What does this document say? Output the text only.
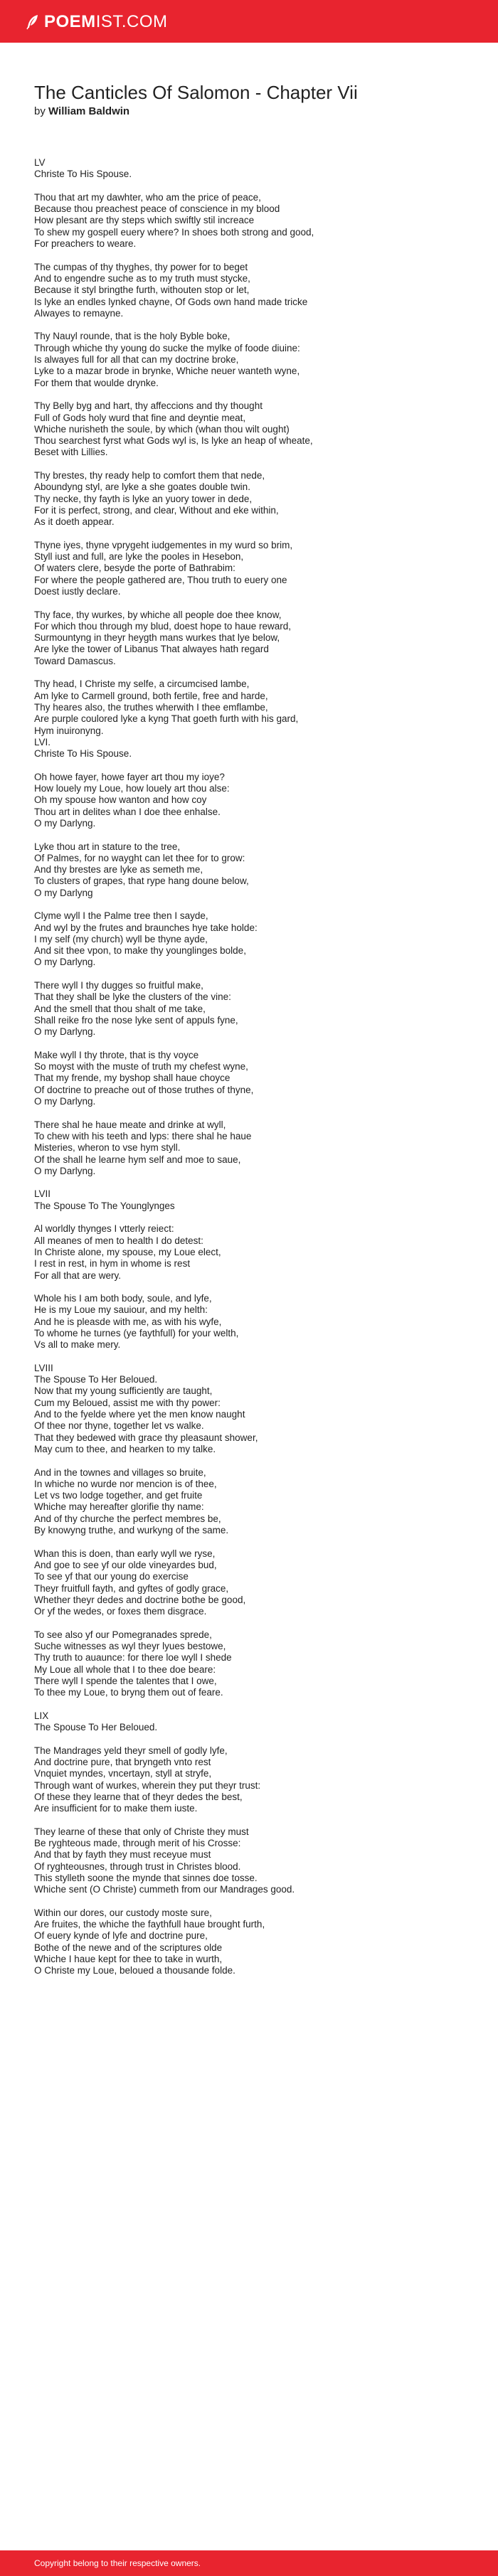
POEMIST.COM
The Canticles Of Salomon - Chapter Vii
by William Baldwin
LV
Christe To His Spouse.
Thou that art my dawhter, who am the price of peace,
Because thou preachest peace of conscience in my blood
How plesant are thy steps which swiftly stil increace
To shew my gospell euery where? In shoes both strong and good,
For preachers to weare.
The cumpas of thy thyghes, thy power for to beget
And to engendre suche as to my truth must stycke,
Because it styl bringthe furth, withouten stop or let,
Is lyke an endles lynked chayne, Of Gods own hand made tricke
Alwayes to remayne.
Thy Nauyl rounde, that is the holy Byble boke,
Through whiche thy young do sucke the mylke of foode diuine:
Is alwayes full for all that can my doctrine broke,
Lyke to a mazar brode in brynke, Whiche neuer wanteth wyne,
For them that woulde drynke.
Thy Belly byg and hart, thy affeccions and thy thought
Full of Gods holy wurd that fine and deyntie meat,
Whiche nurisheth the soule, by which (whan thou wilt ought)
Thou searchest fyrst what Gods wyl is, Is lyke an heap of wheate,
Beset with Lillies.
Thy brestes, thy ready help to comfort them that nede,
Aboundyng styl, are lyke a she goates double twin.
Thy necke, thy fayth is lyke an yuory tower in dede,
For it is perfect, strong, and clear, Without and eke within,
As it doeth appear.
Thyne iyes, thyne vprygeht iudgementes in my wurd so brim,
Styll iust and full, are lyke the pooles in Hesebon,
Of waters clere, besyde the porte of Bathrabim:
For where the people gathered are, Thou truth to euery one
Doest iustly declare.
Thy face, thy wurkes, by whiche all people doe thee know,
For which thou through my blud, doest hope to haue reward,
Surmountyng in theyr heygth mans wurkes that lye below,
Are lyke the tower of Libanus That alwayes hath regard
Toward Damascus.
Thy head, I Christe my selfe, a circumcised lambe,
Am lyke to Carmell ground, both fertile, free and harde,
Thy heares also, the truthes wherwith I thee emflambe,
Are purple coulored lyke a kyng That goeth furth with his gard,
Hym inuironyng.
LVI.
Christe To His Spouse.
Oh howe fayer, howe fayer art thou my ioye?
How louely my Loue, how louely art thou alse:
Oh my spouse how wanton and how coy
Thou art in delites whan I doe thee enhalse.
O my Darlyng.
Lyke thou art in stature to the tree,
Of Palmes, for no wayght can let thee for to grow:
And thy brestes are lyke as semeth me,
To clusters of grapes, that rype hang doune below,
O my Darlyng
Clyme wyll I the Palme tree then I sayde,
And wyl by the frutes and braunches hye take holde:
I my self (my church) wyll be thyne ayde,
And sit thee vpon, to make thy younglinges bolde,
O my Darlyng.
There wyll I thy dugges so fruitful make,
That they shall be lyke the clusters of the vine:
And the smell that thou shalt of me take,
Shall reike fro the nose lyke sent of appuls fyne,
O my Darlyng.
Make wyll I thy throte, that is thy voyce
So moyst with the muste of truth my chefest wyne,
That my frende, my byshop shall haue choyce
Of doctrine to preache out of those truthes of thyne,
O my Darlyng.
There shal he haue meate and drinke at wyll,
To chew with his teeth and lyps: there shal he haue
Misteries, wheron to vse hym styll.
Of the shall he learne hym self and moe to saue,
O my Darlyng.
LVII
The Spouse To The Younglynges
Al worldly thynges I vtterly reiect:
All meanes of men to health I do detest:
In Christe alone, my spouse, my Loue elect,
I rest in rest, in hym in whome is rest
For all that are wery.
Whole his I am both body, soule, and lyfe,
He is my Loue my sauiour, and my helth:
And he is pleasde with me, as with his wyfe,
To whome he turnes (ye faythfull) for your welth,
Vs all to make mery.
LVIII
The Spouse To Her Beloued.
Now that my young sufficiently are taught,
Cum my Beloued, assist me with thy power:
And to the fyelde where yet the men know naught
Of thee nor thyne, together let vs walke.
That they bedewed with grace thy pleasaunt shower,
May cum to thee, and hearken to my talke.
And in the townes and villages so bruite,
In whiche no wurde nor mencion is of thee,
Let vs two lodge together, and get fruite
Whiche may hereafter glorifie thy name:
And of thy churche the perfect membres be,
By knowyng truthe, and wurkyng of the same.
Whan this is doen, than early wyll we ryse,
And goe to see yf our olde vineyardes bud,
To see yf that our young do exercise
Theyr fruitfull fayth, and gyftes of godly grace,
Whether theyr dedes and doctrine bothe be good,
Or yf the wedes, or foxes them disgrace.
To see also yf our Pomegranades sprede,
Suche witnesses as wyl theyr lyues bestowe,
Thy truth to auaunce: for there loe wyll I shede
My Loue all whole that I to thee doe beare:
There wyll I spende the talentes that I owe,
To thee my Loue, to bryng them out of feare.
LIX
The Spouse To Her Beloued.
The Mandrages yeld theyr smell of godly lyfe,
And doctrine pure, that bryngeth vnto rest
Vnquiet myndes, vncertayn, styll at stryfe,
Through want of wurkes, wherein they put theyr trust:
Of these they learne that of theyr dedes the best,
Are insufficient for to make them iuste.
They learne of these that only of Christe they must
Be ryghteous made, through merit of his Crosse:
And that by fayth they must receyue must
Of ryghteousnes, through trust in Christes blood.
This stylleth soone the mynde that sinnes doe tosse.
Whiche sent (O Christe) cummeth from our Mandrages good.
Within our dores, our custody moste sure,
Are fruites, the whiche the faythfull haue brought furth,
Of euery kynde of lyfe and doctrine pure,
Bothe of the newe and of the scriptures olde
Whiche I haue kept for thee to take in wurth,
O Christe my Loue, beloued a thousande folde.
Copyright belong to their respective owners.
